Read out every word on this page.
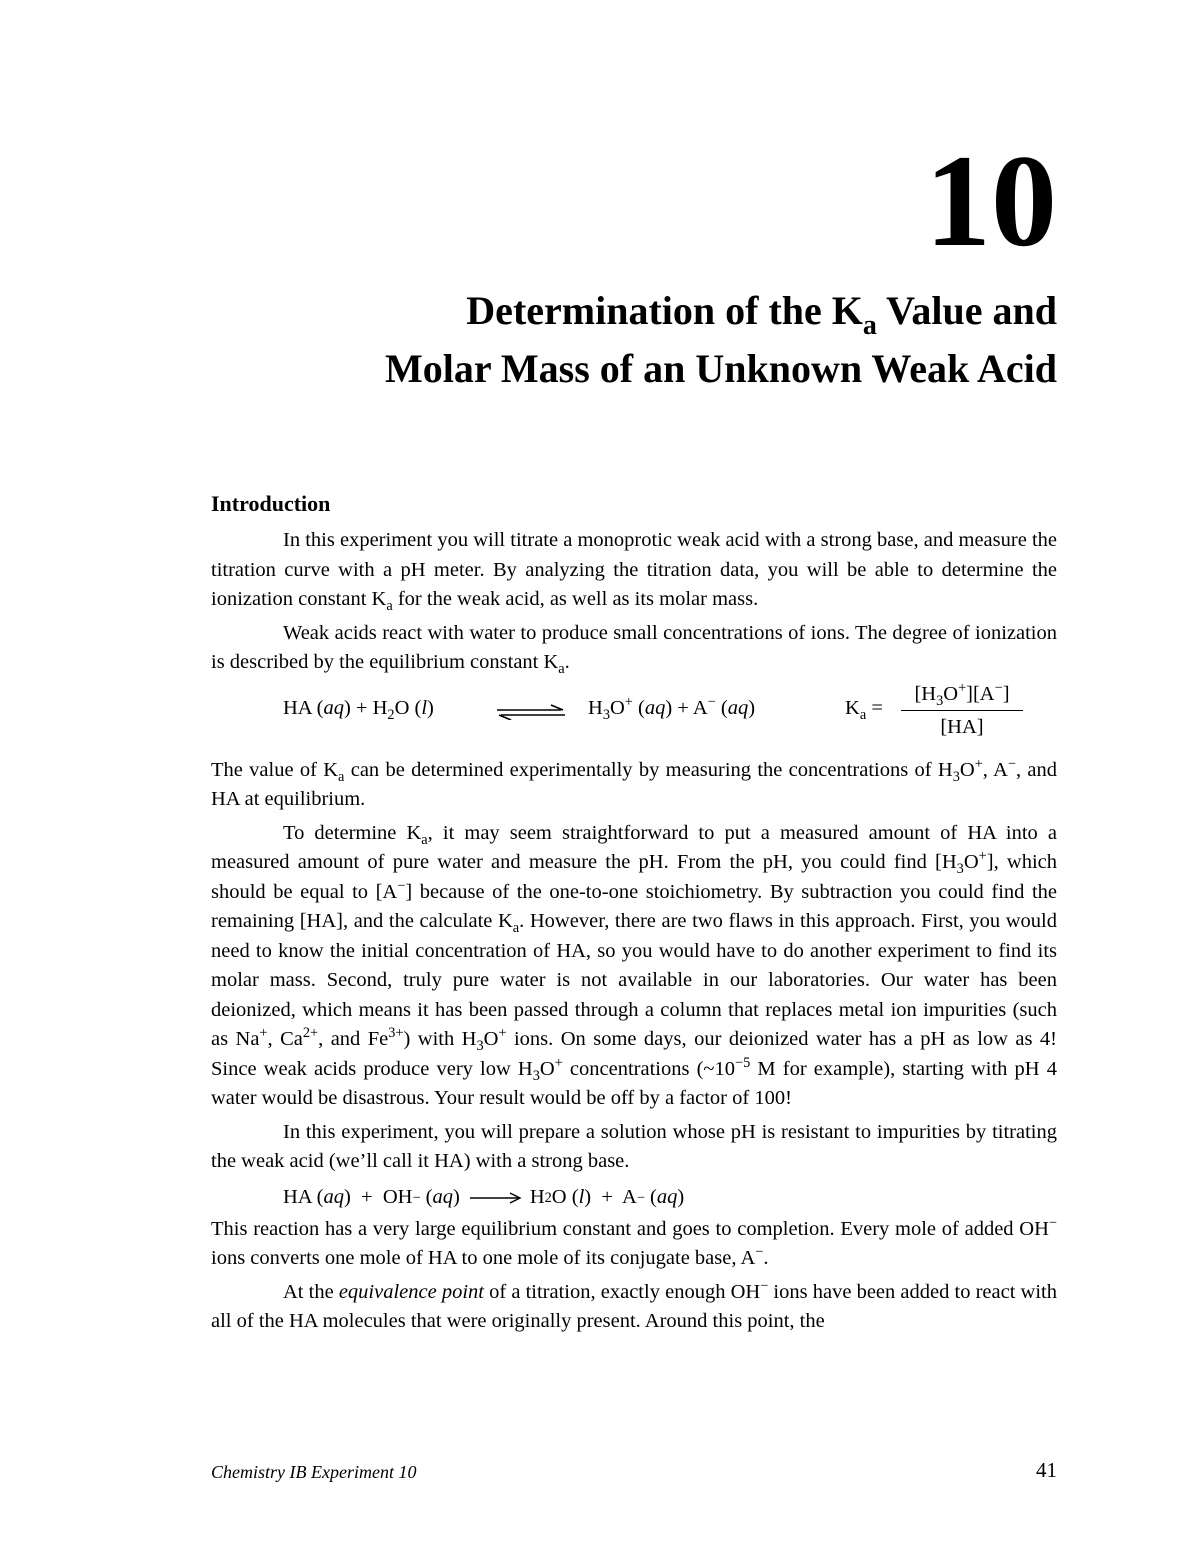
10
Determination of the $K_a$ Value and
Molar Mass of an Unknown Weak Acid
Introduction

In this experiment you will titrate a monoprotic weak acid with a strong base, and measure the titration curve with a pH meter. By analyzing the titration data, you will be able to determine the ionization constant $K_a$ for the weak acid, as well as its molar mass.

Weak acids react with water to produce small concentrations of ions. The degree of ionization is described by the equilibrium constant $K_a$.

HA $(aq) + H_2O$ (l)	⇌ $H_3O^+$ (aq) + A− (aq)	$K_a$ =
$[H_3O^+][A^-]$
[HA]

The value of $K_a$ can be determined experimentally by measuring the concentrations of $H_3O^+$, A−, and HA at equilibrium.

To determine $K_a$, it may seem straightforward to put a measured amount of HA into a measured amount of pure water and measure the pH. From the pH, you could find $[H_3O^+]$, which should be equal to [A−] because of the one-to-one stoichiometry. By subtraction you could find the remaining [HA], and the calculate $K_a$. However, there are two flaws in this approach. First, you would need to know the initial concentration of HA, so you would have to do another experiment to find its molar mass. Second, truly pure water is not available in our laboratories. Our water has been deionized, which means it has been passed through a column that replaces metal ion impurities (such as Na+, $Ca^{2+}$, and $Fe^{3+}$) with $H_3O^+$ ions. On some days, our deionized water has a pH as low as 4! Since weak acids produce very low $H_3O^+$ concentrations ($\sim 10^{-5}$ M for example), starting with pH 4 water would be disastrous. Your result would be off by a factor of 100!

In this experiment, you will prepare a solution whose pH is resistant to impurities by titrating the weak acid (we’ll call it HA) with a strong base.

HA ( aq )  +  OH − ( aq ) → H 2 O ( l )  +  A − ( aq )

This reaction has a very large equilibrium constant and goes to completion. Every mole of added OH− ions converts one mole of HA to one mole of its conjugate base, A−.

At the equivalence point of a titration, exactly enough OH− ions have been added to react with all of the HA molecules that were originally present. Around this point, the

Chemistry IB Experiment 10	41
